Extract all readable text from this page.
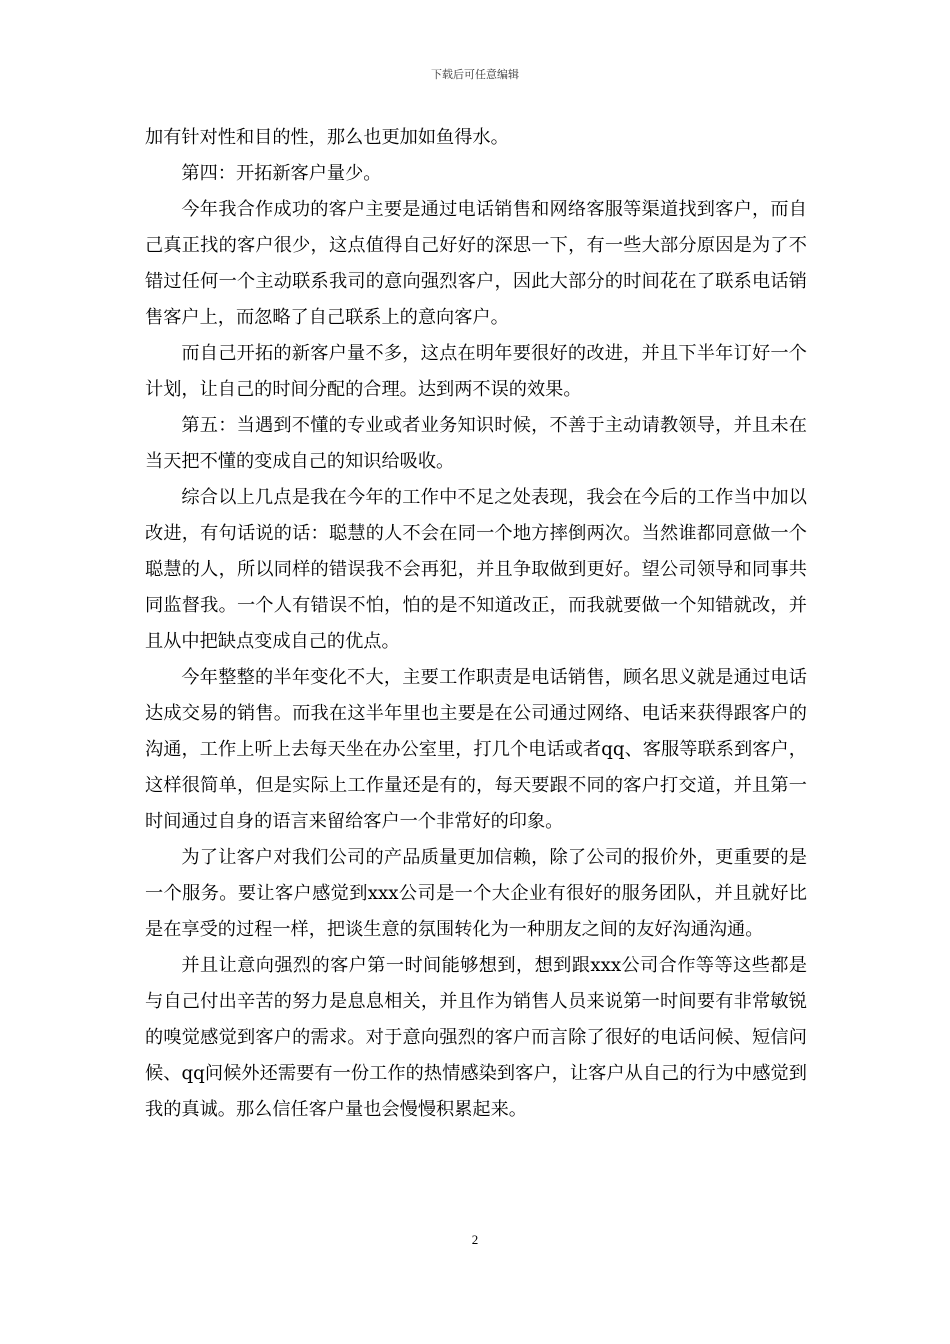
下载后可任意编辑

加有针对性和目的性，那么也更加如鱼得水。

第四：开拓新客户量少。

今年我合作成功的客户主要是通过电话销售和网络客服等渠道找到客户，而自己真正找的客户很少，这点值得自己好好的深思一下，有一些大部分原因是为了不错过任何一个主动联系我司的意向强烈客户，因此大部分的时间花在了联系电话销售客户上，而忽略了自己联系上的意向客户。

而自己开拓的新客户量不多，这点在明年要很好的改进，并且下半年订好一个计划，让自己的时间分配的合理。达到两不误的效果。

第五：当遇到不懂的专业或者业务知识时候，不善于主动请教领导，并且未在当天把不懂的变成自己的知识给吸收。

综合以上几点是我在今年的工作中不足之处表现，我会在今后的工作当中加以改进，有句话说的话：聪慧的人不会在同一个地方摔倒两次。当然谁都同意做一个聪慧的人，所以同样的错误我不会再犯，并且争取做到更好。望公司领导和同事共同监督我。一个人有错误不怕，怕的是不知道改正，而我就要做一个知错就改，并且从中把缺点变成自己的优点。

今年整整的半年变化不大，主要工作职责是电话销售，顾名思义就是通过电话达成交易的销售。而我在这半年里也主要是在公司通过网络、电话来获得跟客户的沟通，工作上听上去每天坐在办公室里，打几个电话或者qq、客服等联系到客户，这样很简单，但是实际上工作量还是有的，每天要跟不同的客户打交道，并且第一时间通过自身的语言来留给客户一个非常好的印象。

为了让客户对我们公司的产品质量更加信赖，除了公司的报价外，更重要的是一个服务。要让客户感觉到xxx公司是一个大企业有很好的服务团队，并且就好比是在享受的过程一样，把谈生意的氛围转化为一种朋友之间的友好沟通沟通。

并且让意向强烈的客户第一时间能够想到，想到跟xxx公司合作等等这些都是与自己付出辛苦的努力是息息相关，并且作为销售人员来说第一时间要有非常敏锐的嗅觉感觉到客户的需求。对于意向强烈的客户而言除了很好的电话问候、短信问候、qq问候外还需要有一份工作的热情感染到客户，让客户从自己的行为中感觉到我的真诚。那么信任客户量也会慢慢积累起来。

2
